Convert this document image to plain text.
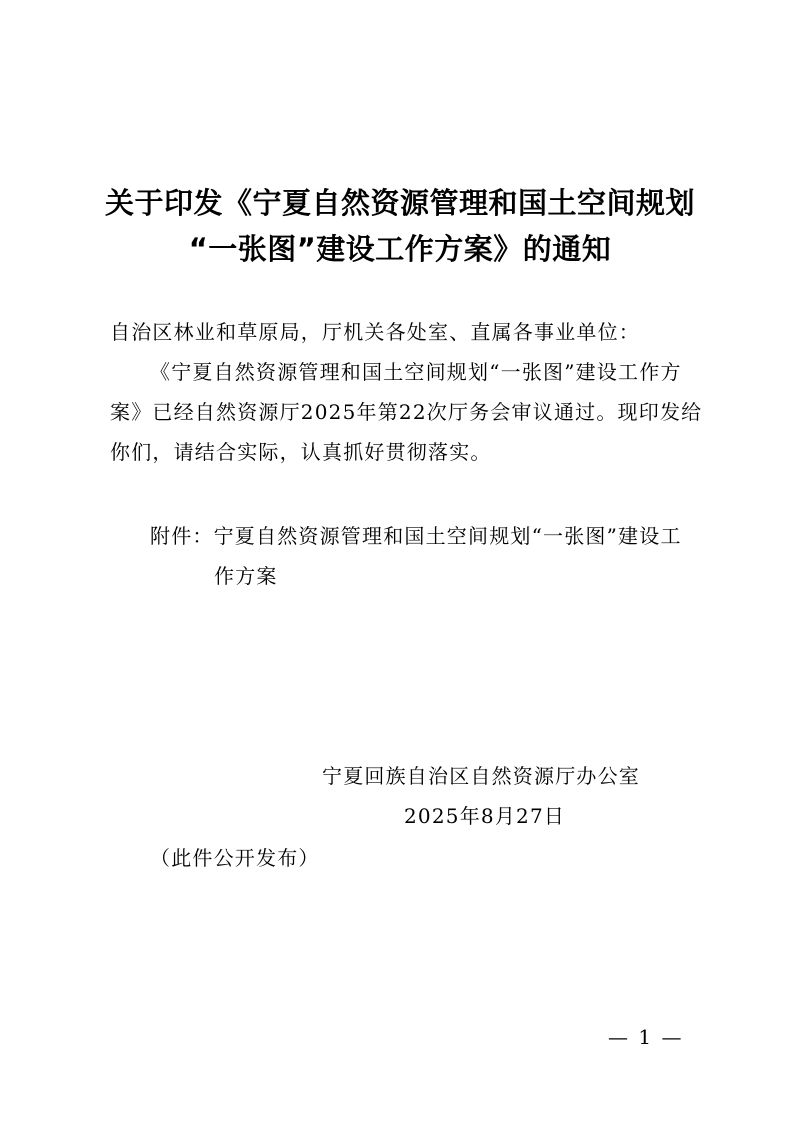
关于印发《宁夏自然资源管理和国土空间规划
“一张图”建设工作方案》的通知

自治区林业和草原局，厅机关各处室、直属各事业单位：

《宁夏自然资源管理和国土空间规划“一张图”建设工作方

案》已经自然资源厅2025年第22次厅务会审议通过。现印发给

你们，请结合实际，认真抓好贯彻落实。

附件：宁夏自然资源管理和国土空间规划“一张图”建设工

作方案

宁夏回族自治区自然资源厅办公室

2025年8月27日

（此件公开发布）

— 1 —
